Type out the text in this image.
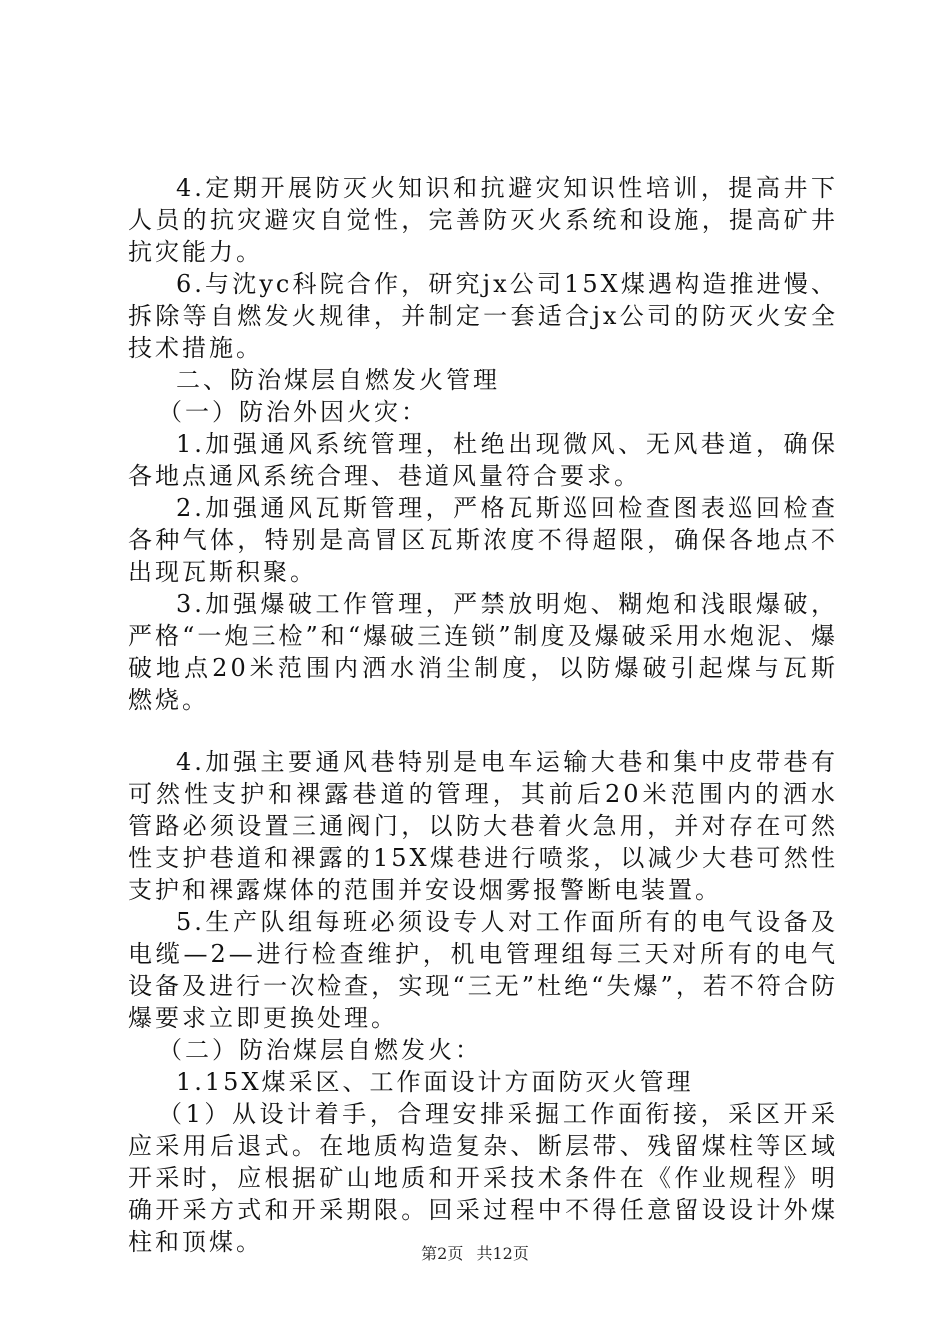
4.定期开展防灭火知识和抗避灾知识性培训，提高井下人员的抗灾避灾自觉性，完善防灭火系统和设施，提高矿井抗灾能力。

6.与沈yc科院合作，研究jx公司15X煤遇构造推进慢、拆除等自燃发火规律，并制定一套适合jx公司的防灭火安全技术措施。

二、防治煤层自燃发火管理

（一）防治外因火灾：

1.加强通风系统管理，杜绝出现微风、无风巷道，确保各地点通风系统合理、巷道风量符合要求。

2.加强通风瓦斯管理，严格瓦斯巡回检查图表巡回检查各种气体，特别是高冒区瓦斯浓度不得超限，确保各地点不出现瓦斯积聚。

3.加强爆破工作管理，严禁放明炮、糊炮和浅眼爆破，严格“一炮三检”和“爆破三连锁”制度及爆破采用水炮泥、爆破地点20米范围内洒水消尘制度，以防爆破引起煤与瓦斯燃烧。

4.加强主要通风巷特别是电车运输大巷和集中皮带巷有可然性支护和裸露巷道的管理，其前后20米范围内的洒水管路必须设置三通阀门，以防大巷着火急用，并对存在可然性支护巷道和裸露的15X煤巷进行喷浆，以减少大巷可然性支护和裸露煤体的范围并安设烟雾报警断电装置。

5.生产队组每班必须设专人对工作面所有的电气设备及电缆—2—进行检查维护，机电管理组每三天对所有的电气设备及进行一次检查，实现“三无”杜绝“失爆”，若不符合防爆要求立即更换处理。

（二）防治煤层自燃发火：

1.15X煤采区、工作面设计方面防灭火管理

（1）从设计着手，合理安排采掘工作面衔接，采区开采应采用后退式。在地质构造复杂、断层带、残留煤柱等区域开采时，应根据矿山地质和开采技术条件在《作业规程》明确开采方式和开采期限。回采过程中不得任意留设设计外煤柱和顶煤。	第2页 共12页
